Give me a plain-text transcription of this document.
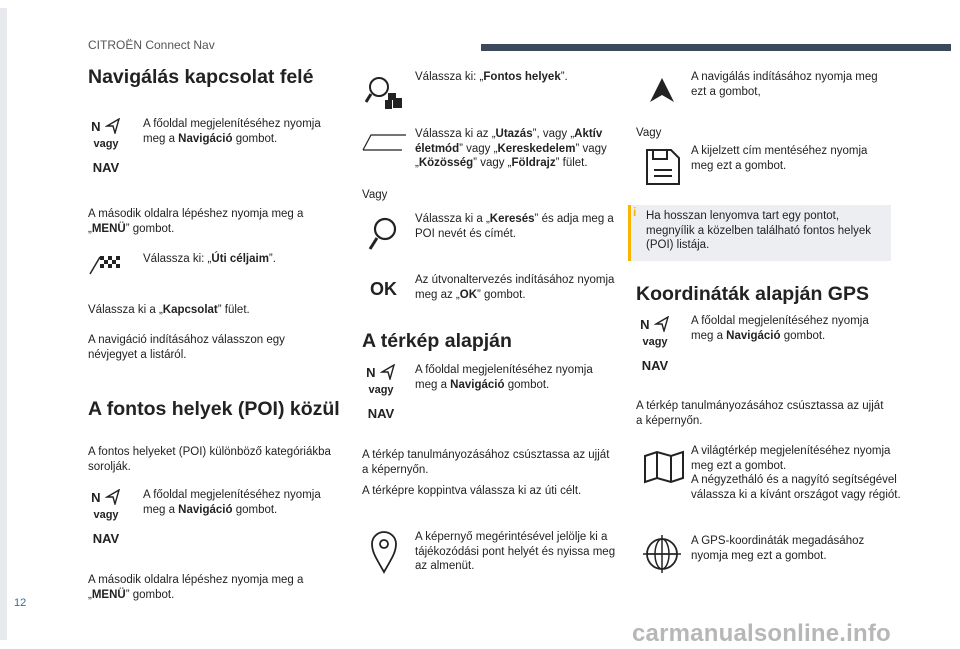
CITROËN Connect Nav
12
Navigálás kapcsolat felé
N
vagy
NAV
A főoldal megjelenítéséhez nyomja meg a Navigáció gombot.
A második oldalra lépéshez nyomja meg a „MENÜ” gombot.
Válassza ki: „Úti céljaim”.
Válassza ki a „Kapcsolat” fület.
A navigáció indításához válasszon egy névjegyet a listáról.
A fontos helyek (POI) közül
A fontos helyeket (POI) különböző kategóriákba sorolják.
N
vagy
NAV
A főoldal megjelenítéséhez nyomja meg a Navigáció gombot.
A második oldalra lépéshez nyomja meg a „MENÜ” gombot.
Válassza ki: „Fontos helyek”.
Válassza ki az „Utazás”, vagy „Aktív életmód” vagy „Kereskedelem” vagy „Közösség” vagy „Földrajz” fület.
Vagy
Válassza ki a „Keresés” és adja meg a POI nevét és címét.
OK Az útvonaltervezés indításához nyomja meg az „OK” gombot.
A térkép alapján
N
vagy
NAV
A főoldal megjelenítéséhez nyomja meg a Navigáció gombot.
A térkép tanulmányozásához csúsztassa az ujját a képernyőn.
A térképre koppintva válassza ki az úti célt.
A képernyő megérintésével jelölje ki a tájékozódási pont helyét és nyissa meg az almenüt.
A navigálás indításához nyomja meg ezt a gombot,
Vagy
A kijelzett cím mentéséhez nyomja meg ezt a gombot.
i Ha hosszan lenyomva tart egy pontot, megnyílik a közelben található fontos helyek (POI) listája.
Koordináták alapján GPS
N
vagy
NAV
A főoldal megjelenítéséhez nyomja meg a Navigáció gombot.
A térkép tanulmányozásához csúsztassa az ujját a képernyőn.
A világtérkép megjelenítéséhez nyomja meg ezt a gombot.
A négyzetháló és a nagyító segítségével válassza ki a kívánt országot vagy régiót.
A GPS-koordináták megadásához nyomja meg ezt a gombot.
carmanualsonline.info
